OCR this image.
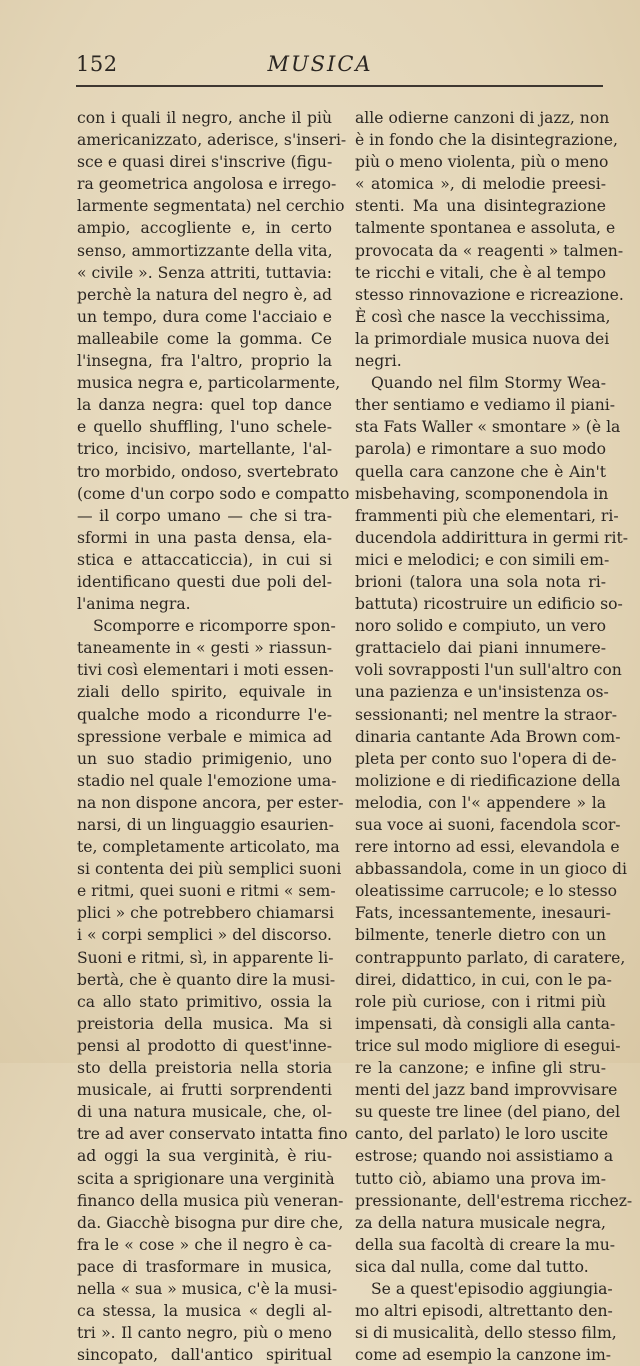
152	MUSICA
con i quali il negro, anche il più
americanizzato, aderisce, s'inseri-
sce e quasi direi s'inscrive (figu-
ra geometrica angolosa e irrego-
larmente segmentata) nel cerchio
ampio, accogliente e, in certo
senso, ammortizzante della vita,
« civile ». Senza attriti, tuttavia:
perchè la natura del negro è, ad
un tempo, dura come l'acciaio e
malleabile come la gomma. Ce
l'insegna, fra l'altro, proprio la
musica negra e, particolarmente,
la danza negra: quel top dance
e quello shuffling, l'uno schele-
trico, incisivo, martellante, l'al-
tro morbido, ondoso, svertebrato
(come d'un corpo sodo e compatto
— il corpo umano — che si tra-
sformi in una pasta densa, ela-
stica e attaccaticcia), in cui si
identificano questi due poli del-
l'anima negra.
Scomporre e ricomporre spon-
taneamente in « gesti » riassun-
tivi così elementari i moti essen-
ziali dello spirito, equivale in
qualche modo a ricondurre l'e-
spressione verbale e mimica ad
un suo stadio primigenio, uno
stadio nel quale l'emozione uma-
na non dispone ancora, per ester-
narsi, di un linguaggio esaurien-
te, completamente articolato, ma
si contenta dei più semplici suoni
e ritmi, quei suoni e ritmi « sem-
plici » che potrebbero chiamarsi
i « corpi semplici » del discorso.
Suoni e ritmi, sì, in apparente li-
bertà, che è quanto dire la musi-
ca allo stato primitivo, ossia la
preistoria della musica. Ma si
pensi al prodotto di quest'inne-
sto della preistoria nella storia
musicale, ai frutti sorprendenti
di una natura musicale, che, ol-
tre ad aver conservato intatta fino
ad oggi la sua verginità, è riu-
scita a sprigionare una verginità
financo della musica più veneran-
da. Giacchè bisogna pur dire che,
fra le « cose » che il negro è ca-
pace di trasformare in musica,
nella « sua » musica, c'è la musi-
ca stessa, la musica « degli al-
tri ». Il canto negro, più o meno
sincopato, dall'antico spiritual
alle odierne canzoni di jazz, non
è in fondo che la disintegrazione,
più o meno violenta, più o meno
« atomica », di melodie preesi-
stenti. Ma una disintegrazione
talmente spontanea e assoluta, e
provocata da « reagenti » talmen-
te ricchi e vitali, che è al tempo
stesso rinnovazione e ricreazione.
È così che nasce la vecchissima,
la primordiale musica nuova dei
negri.
Quando nel film Stormy Wea-
ther sentiamo e vediamo il piani-
sta Fats Waller « smontare » (è la
parola) e rimontare a suo modo
quella cara canzone che è Ain't
misbehaving, scomponendola in
frammenti più che elementari, ri-
ducendola addirittura in germi rit-
mici e melodici; e con simili em-
brioni (talora una sola nota ri-
battuta) ricostruire un edificio so-
noro solido e compiuto, un vero
grattacielo dai piani innumere-
voli sovrapposti l'un sull'altro con
una pazienza e un'insistenza os-
sessionanti; nel mentre la straor-
dinaria cantante Ada Brown com-
pleta per conto suo l'opera di de-
molizione e di riedificazione della
melodia, con l'« appendere » la
sua voce ai suoni, facendola scor-
rere intorno ad essi, elevandola e
abbassandola, come in un gioco di
oleatissime carrucole; e lo stesso
Fats, incessantemente, inesauri-
bilmente, tenerle dietro con un
contrappunto parlato, di caratere,
direi, didattico, in cui, con le pa-
role più curiose, con i ritmi più
impensati, dà consigli alla canta-
trice sul modo migliore di esegui-
re la canzone; e infine gli stru-
menti del jazz band improvvisare
su queste tre linee (del piano, del
canto, del parlato) le loro uscite
estrose; quando noi assistiamo a
tutto ciò, abiamo una prova im-
pressionante, dell'estrema ricchez-
za della natura musicale negra,
della sua facoltà di creare la mu-
sica dal nulla, come dal tutto.
Se a quest'episodio aggiungia-
mo altri episodi, altrettanto den-
si di musicalità, dello stesso film,
come ad esempio la canzone im-
